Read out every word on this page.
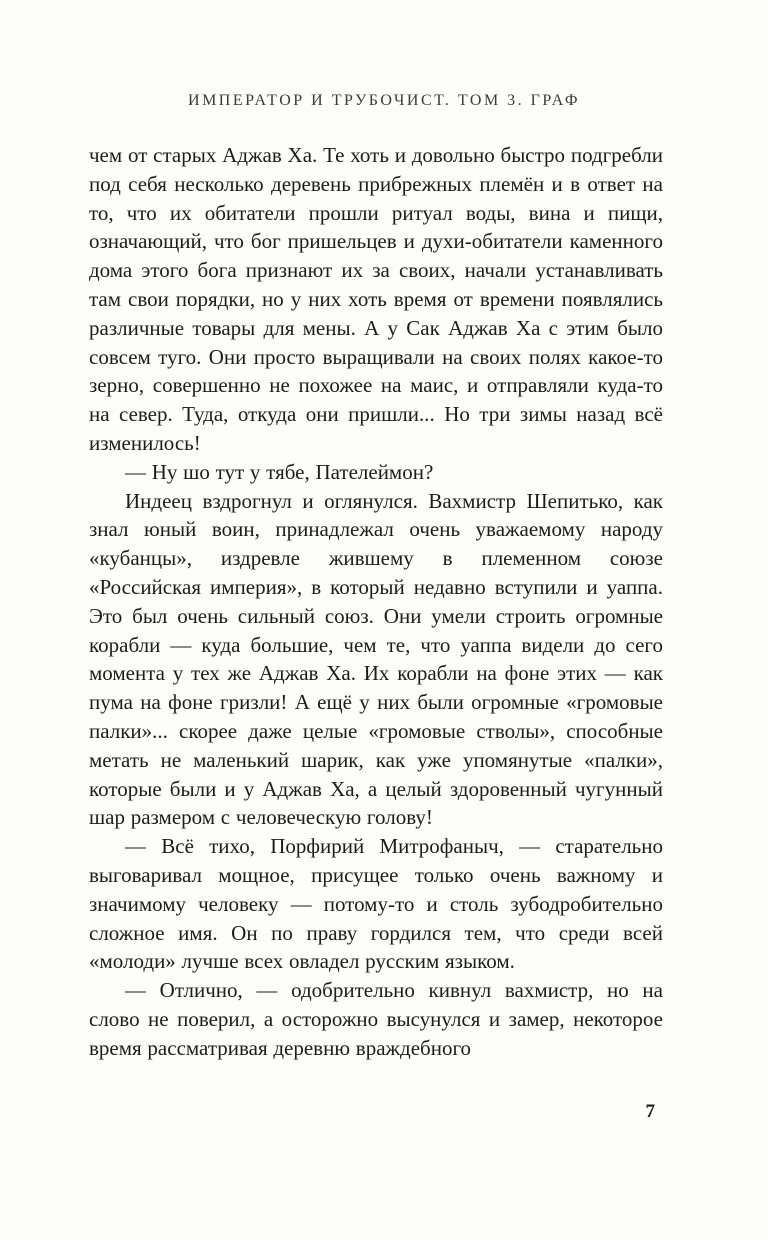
ИМПЕРАТОР И ТРУБОЧИСТ. ТОМ 3. ГРАФ

чем от старых Аджав Ха. Те хоть и довольно быстро подгребли под себя несколько деревень прибрежных племён и в ответ на то, что их обитатели прошли ритуал воды, вина и пищи, означающий, что бог пришельцев и духи-обитатели каменного дома этого бога признают их за своих, начали устанавливать там свои порядки, но у них хоть время от времени появлялись различные товары для мены. А у Сак Аджав Ха с этим было совсем туго. Они просто выращивали на своих полях какое-то зерно, совершенно не похожее на маис, и отправляли куда-то на север. Туда, откуда они пришли... Но три зимы назад всё изменилось!

— Ну шо тут у тябе, Пателеймон?

Индеец вздрогнул и оглянулся. Вахмистр Шепитько, как знал юный воин, принадлежал очень уважаемому народу «кубанцы», издревле жившему в племенном союзе «Российская империя», в который недавно вступили и уаппа. Это был очень сильный союз. Они умели строить огромные корабли — куда большие, чем те, что уаппа видели до сего момента у тех же Аджав Ха. Их корабли на фоне этих — как пума на фоне гризли! А ещё у них были огромные «громовые палки»... скорее даже целые «громовые стволы», способные метать не маленький шарик, как уже упомянутые «палки», которые были и у Аджав Ха, а целый здоровенный чугунный шар размером с человеческую голову!

— Всё тихо, Порфирий Митрофаныч, — старательно выговаривал мощное, присущее только очень важному и значимому человеку — потому-то и столь зубодробительно сложное имя. Он по праву гордился тем, что среди всей «молоди» лучше всех овладел русским языком.

— Отлично, — одобрительно кивнул вахмистр, но на слово не поверил, а осторожно высунулся и замер, некоторое время рассматривая деревню враждебного

7
